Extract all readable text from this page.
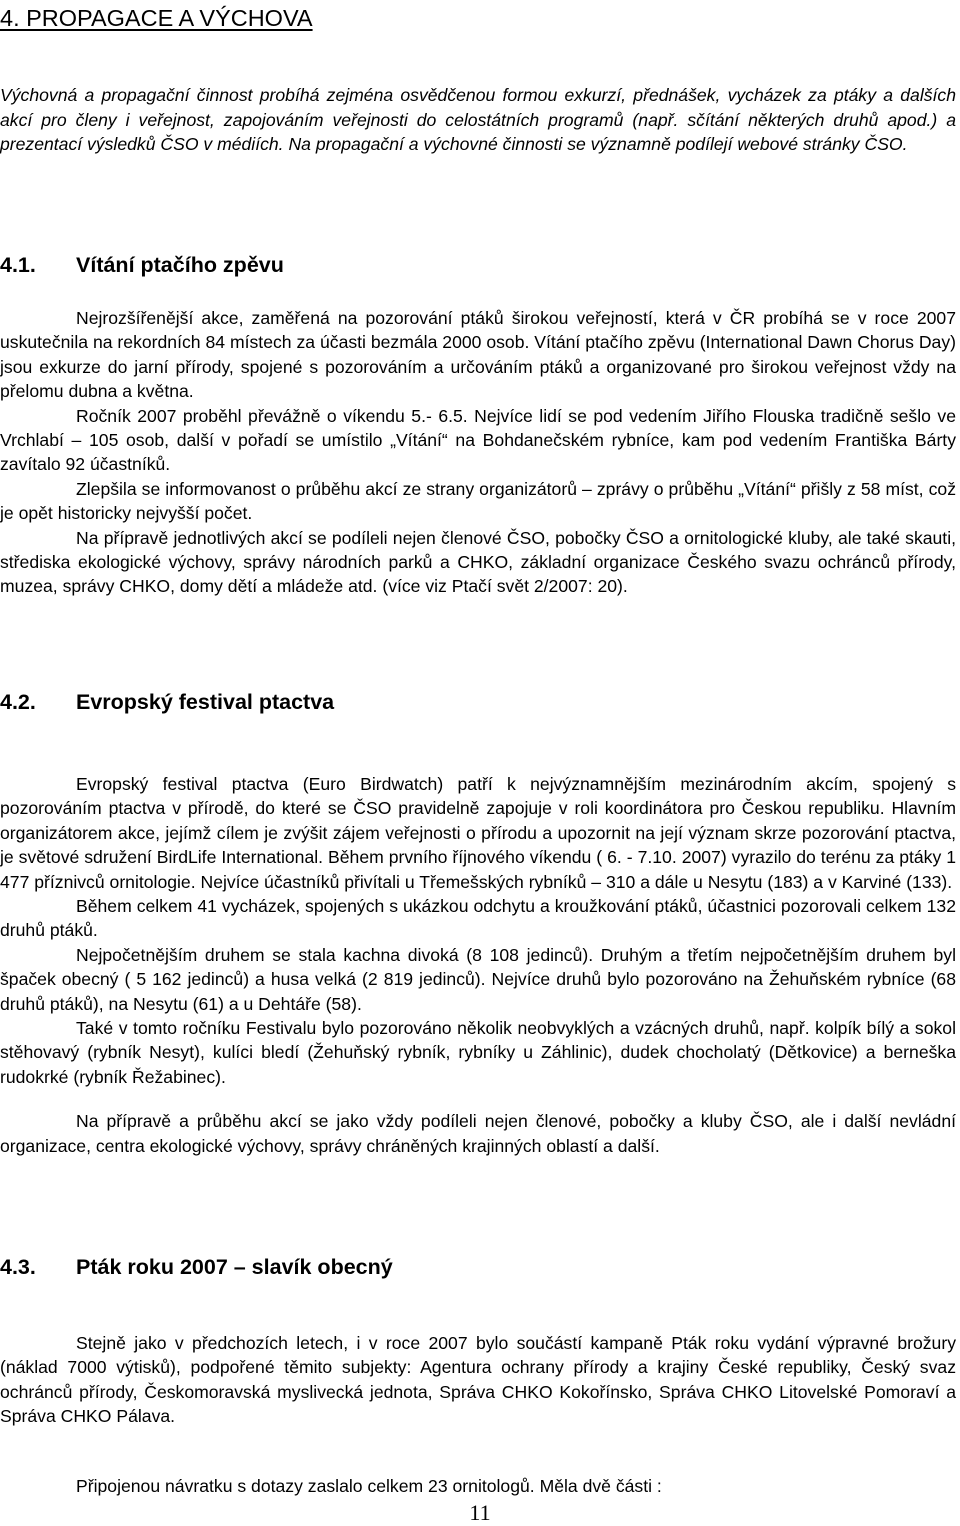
4. PROPAGACE A VÝCHOVA
Výchovná a propagační činnost probíhá zejména osvědčenou formou exkurzí, přednášek, vycházek za ptáky a dalších akcí pro členy i veřejnost, zapojováním veřejnosti do celostátních programů (např. sčítání některých druhů apod.) a prezentací výsledků ČSO v médiích. Na propagační a výchovné činnosti se významně podílejí webové stránky ČSO.
4.1. Vítání ptačího zpěvu

Nejrozšířenější akce, zaměřená na pozorování ptáků širokou veřejností, která v ČR probíhá se v roce 2007 uskutečnila na rekordních 84 místech za účasti bezmála 2000 osob. Vítání ptačího zpěvu (International Dawn Chorus Day) jsou exkurze do jarní přírody, spojené s pozorováním a určováním ptáků a organizované pro širokou veřejnost vždy na přelomu dubna a května.

Ročník 2007 proběhl převážně o víkendu 5.- 6.5. Nejvíce lidí se pod vedením Jiřího Flouska tradičně sešlo ve Vrchlabí – 105 osob, další v pořadí se umístilo „Vítání“ na Bohdanečském rybníce, kam pod vedením Františka Bárty zavítalo 92 účastníků.

Zlepšila se informovanost o průběhu akcí ze strany organizátorů – zprávy o průběhu „Vítání“ přišly z 58 míst, což je opět historicky nejvyšší počet.

Na přípravě jednotlivých akcí se podíleli nejen členové ČSO, pobočky ČSO a ornitologické kluby, ale také skauti, střediska ekologické výchovy, správy národních parků a CHKO, základní organizace Českého svazu ochránců přírody, muzea, správy CHKO, domy dětí a mládeže atd. (více viz Ptačí svět 2/2007: 20).

4.2. Evropský festival ptactva

Evropský festival ptactva (Euro Birdwatch) patří k nejvýznamnějším mezinárodním akcím, spojený s pozorováním ptactva v přírodě, do které se ČSO pravidelně zapojuje v roli koordinátora pro Českou republiku. Hlavním organizátorem akce, jejímž cílem je zvýšit zájem veřejnosti o přírodu a upozornit na její význam skrze pozorování ptactva, je světové sdružení BirdLife International. Během prvního říjnového víkendu ( 6. - 7.10. 2007) vyrazilo do terénu za ptáky 1 477 příznivců ornitologie. Nejvíce účastníků přivítali u Třemešských rybníků – 310 a dále u Nesytu (183) a v Karviné (133).

Během celkem 41 vycházek, spojených s ukázkou odchytu a kroužkování ptáků, účastnici pozorovali celkem 132 druhů ptáků.

Nejpočetnějším druhem se stala kachna divoká (8 108 jedinců). Druhým a třetím nejpočetnějším druhem byl špaček obecný ( 5 162 jedinců) a husa velká (2 819 jedinců). Nejvíce druhů bylo pozorováno na Žehuňském rybníce (68 druhů ptáků), na Nesytu (61) a u Dehtáře (58).

Také v tomto ročníku Festivalu bylo pozorováno několik neobvyklých a vzácných druhů, např. kolpík bílý a sokol stěhovavý (rybník Nesyt), kulíci bledí (Žehuňský rybník, rybníky u Záhlinic), dudek chocholatý (Dětkovice) a berneška rudokrké (rybník Řežabinec).

Na přípravě a průběhu akcí se jako vždy podíleli nejen členové, pobočky a kluby ČSO, ale i další nevládní organizace, centra ekologické výchovy, správy chráněných krajinných oblastí a další.

4.3. Pták roku 2007 – slavík obecný

Stejně jako v předchozích letech, i v roce 2007 bylo součástí kampaně Pták roku vydání výpravné brožury (náklad 7000 výtisků), podpořené těmito subjekty: Agentura ochrany přírody a krajiny České republiky, Český svaz ochránců přírody, Českomoravská myslivecká jednota, Správa CHKO Kokořínsko, Správa CHKO Litovelské Pomoraví a Správa CHKO Pálava.

Připojenou návratku s dotazy zaslalo celkem 23 ornitologů. Měla dvě části :

11
